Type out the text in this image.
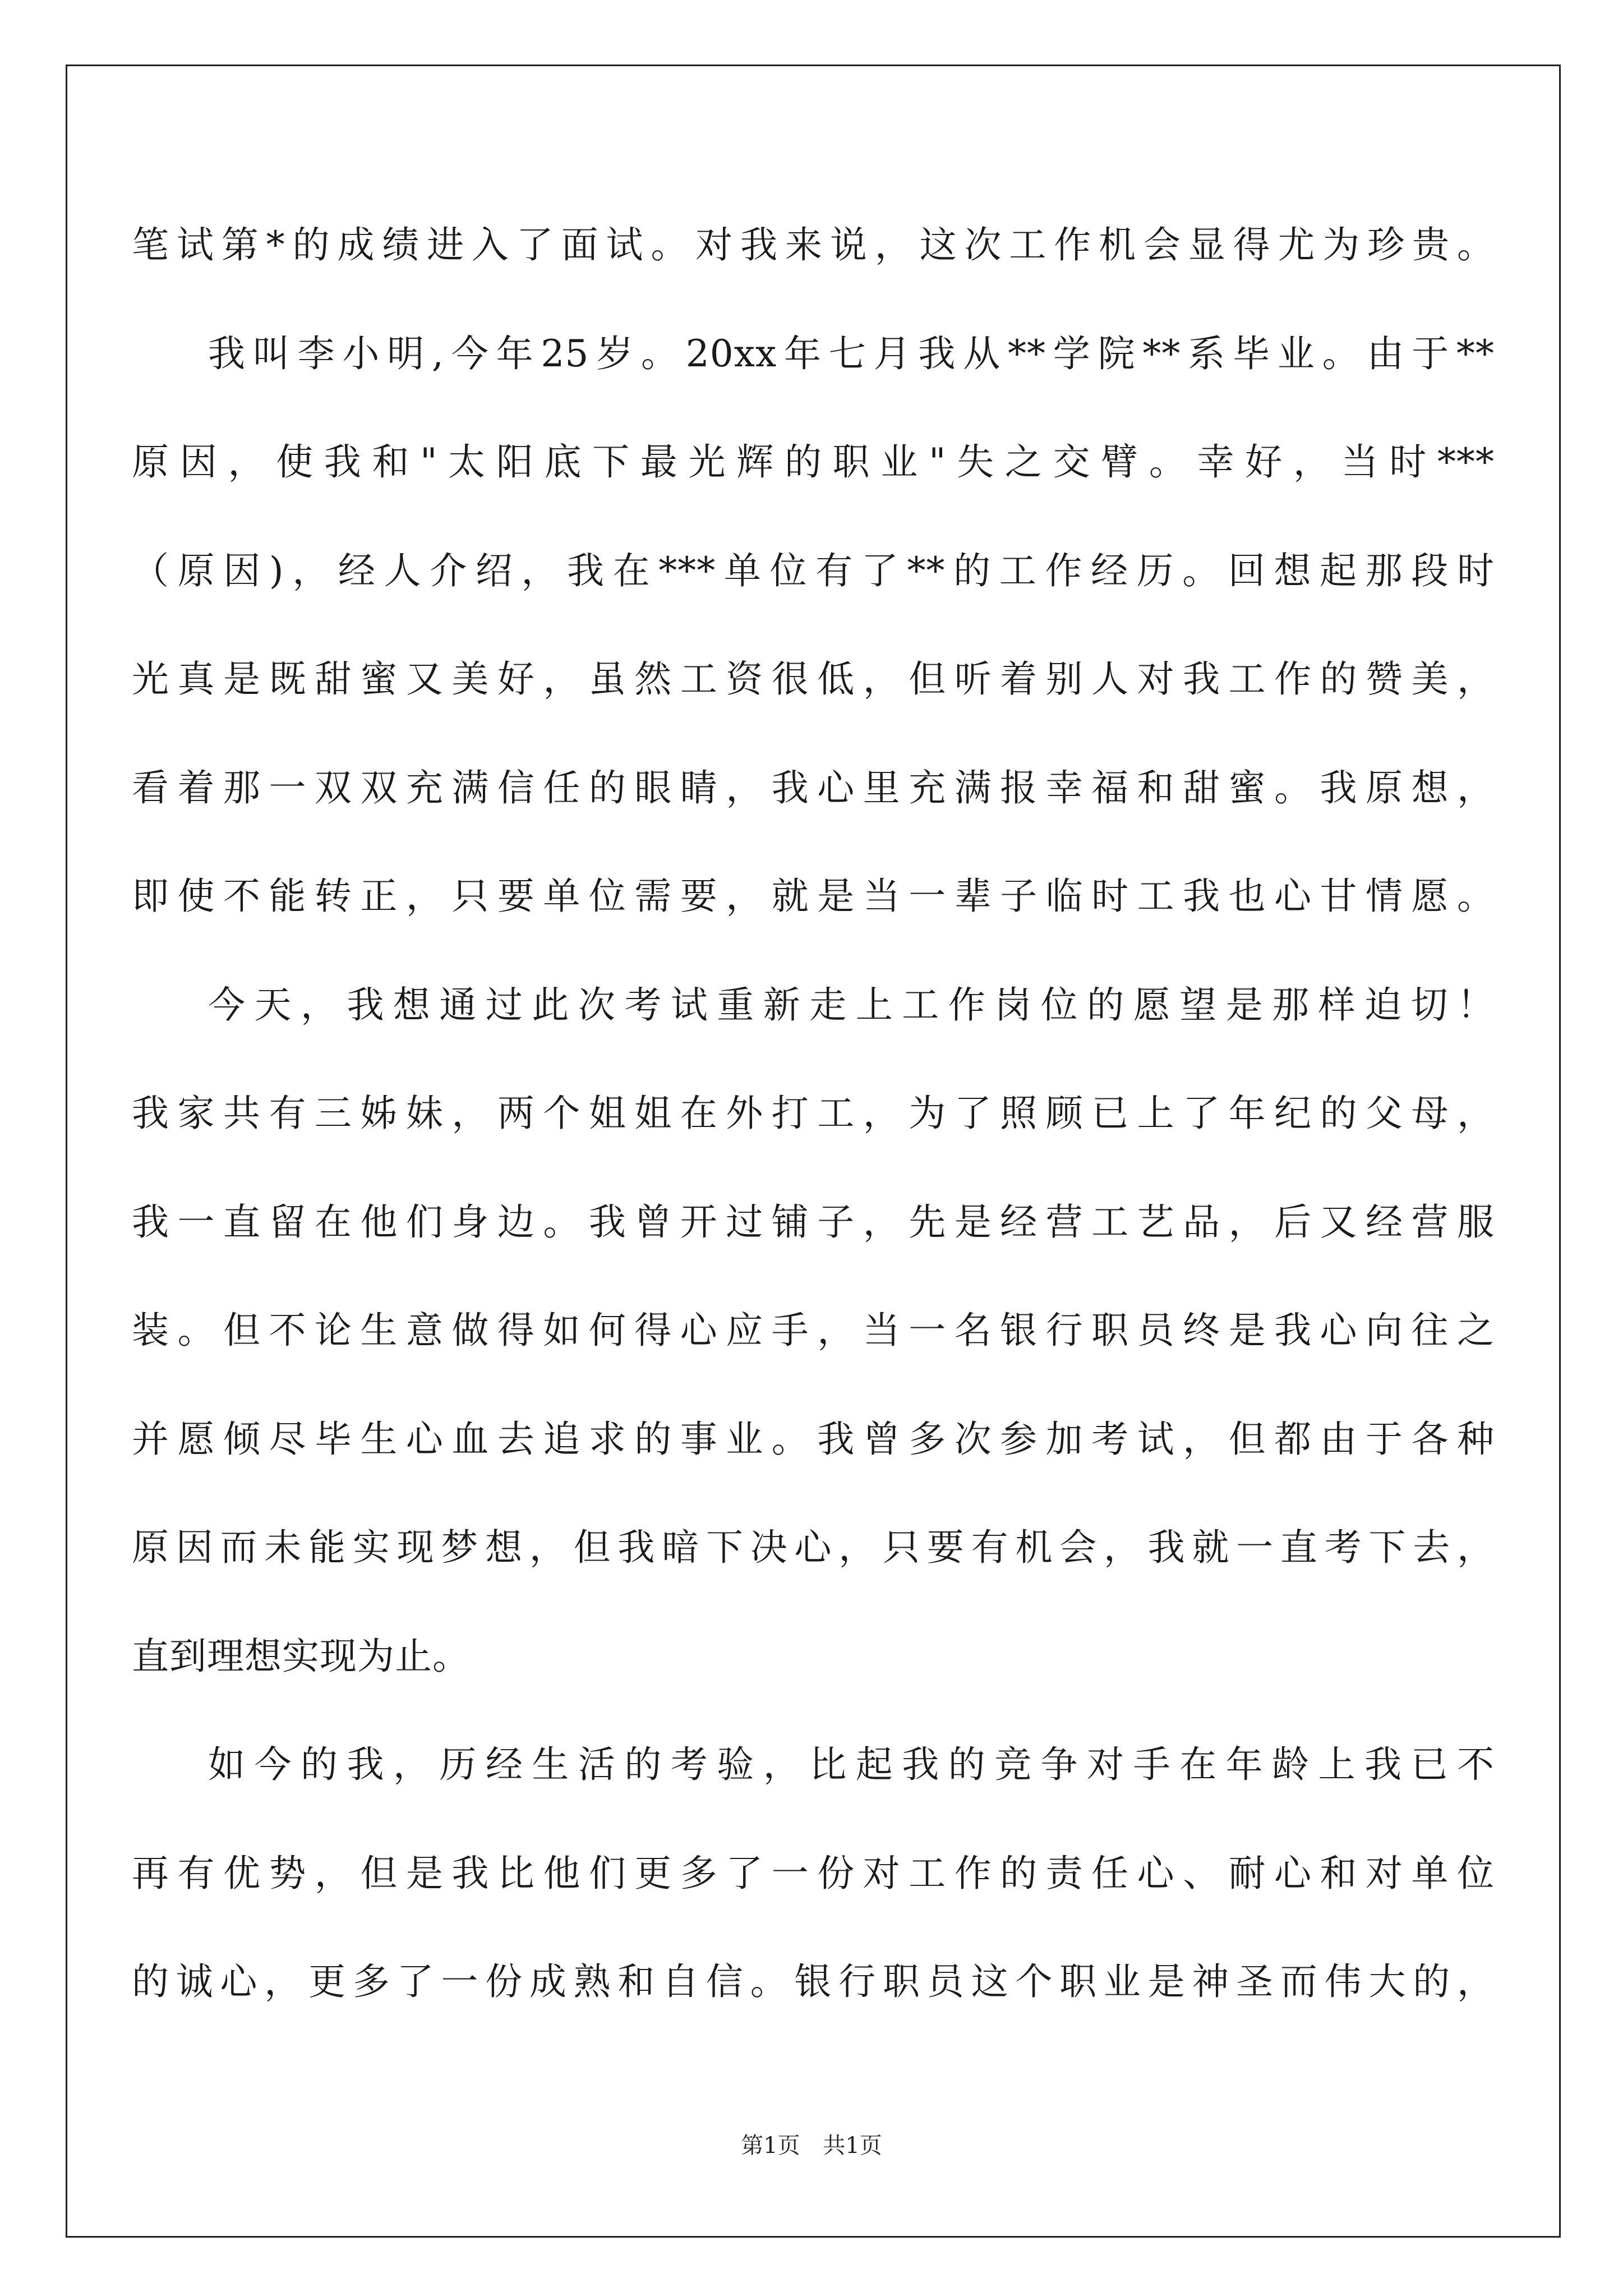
笔试第*的成绩进入了面试。对我来说，这次工作机会显得尤为珍贵。
我叫李小明,今年25岁。20xx年七月我从**学院**系毕业。由于**
原因，使我和"太阳底下最光辉的职业"失之交臂。幸好，当时***
（原因)，经人介绍，我在***单位有了**的工作经历。回想起那段时
光真是既甜蜜又美好，虽然工资很低，但听着别人对我工作的赞美，
看着那一双双充满信任的眼睛，我心里充满报幸福和甜蜜。我原想，
即使不能转正，只要单位需要，就是当一辈子临时工我也心甘情愿。
今天，我想通过此次考试重新走上工作岗位的愿望是那样迫切！
我家共有三姊妹，两个姐姐在外打工，为了照顾已上了年纪的父母，
我一直留在他们身边。我曾开过铺子，先是经营工艺品，后又经营服
装。但不论生意做得如何得心应手，当一名银行职员终是我心向往之
并愿倾尽毕生心血去追求的事业。我曾多次参加考试，但都由于各种
原因而未能实现梦想，但我暗下决心，只要有机会，我就一直考下去，
直到理想实现为止。
如今的我，历经生活的考验，比起我的竞争对手在年龄上我已不
再有优势，但是我比他们更多了一份对工作的责任心、耐心和对单位
的诚心，更多了一份成熟和自信。银行职员这个职业是神圣而伟大的，
第1页 共1页
